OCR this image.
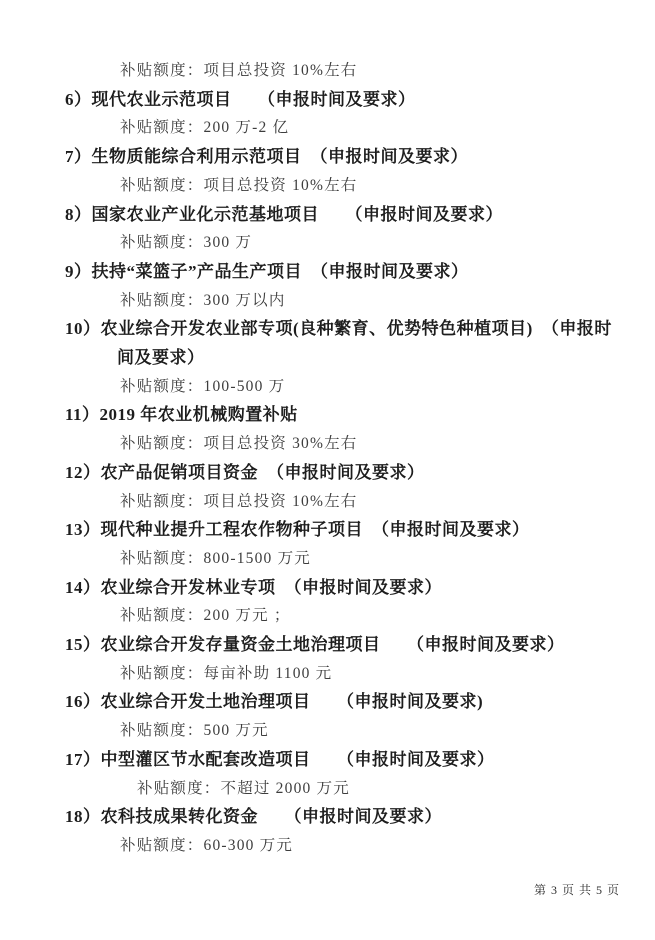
补贴额度：项目总投资 10%左右

6）现代农业示范项目　　（申报时间及要求）

补贴额度：200 万-2 亿

7）生物质能综合利用示范项目　（申报时间及要求）

补贴额度：项目总投资 10%左右

8）国家农业产业化示范基地项目　　（申报时间及要求）

补贴额度：300 万

9）扶持“菜篮子”产品生产项目　（申报时间及要求）

补贴额度：300 万以内

10）农业综合开发农业部专项(良种繁育、优势特色种植项目)　（申报时间及要求）

补贴额度：100-500 万

11）2019 年农业机械购置补贴

补贴额度：项目总投资 30%左右

12）农产品促销项目资金　（申报时间及要求）

补贴额度：项目总投资 10%左右

13）现代种业提升工程农作物种子项目　（申报时间及要求）

补贴额度：800-1500 万元

14）农业综合开发林业专项　（申报时间及要求）

补贴额度：200 万元 ；

15）农业综合开发存量资金土地治理项目　　（申报时间及要求）

补贴额度：每亩补助 1100 元

16）农业综合开发土地治理项目　　（申报时间及要求)

补贴额度：500 万元

17）中型灌区节水配套改造项目　　（申报时间及要求）

补贴额度：不超过 2000 万元

18）农科技成果转化资金　　（申报时间及要求）

补贴额度：60-300 万元

第 3 页 共 5 页
